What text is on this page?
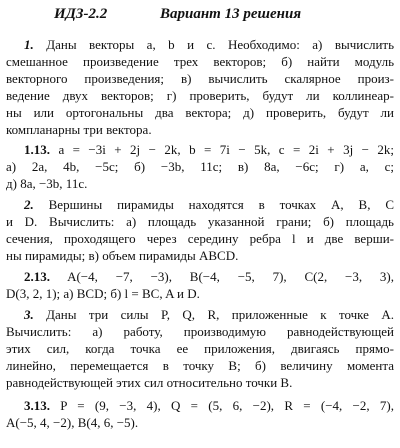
ИДЗ-2.2	Вариант 13 решения
1. Даны векторы a, b и c. Необходимо: а) вычислить
смешанное произведение трех векторов; б) найти модуль
векторного произведения; в) вычислить скалярное произ-
ведение двух векторов; г) проверить, будут ли коллинеар-
ны или ортогональны два вектора; д) проверить, будут ли
компланарны три вектора.
1.13. a = −3i + 2j − 2k, b = 7i − 5k, c = 2i + 3j − 2k;
а) 2a, 4b, −5c; б) −3b, 11c; в) 8a, −6c; г) a, c;
д) 8a, −3b, 11c.
2. Вершины пирамиды находятся в точках A, B, C
и D. Вычислить: а) площадь указанной грани; б) площадь
сечения, проходящего через середину ребра l и две верши-
ны пирамиды; в) объем пирамиды ABCD.
2.13. A(−4, −7, −3), B(−4, −5, 7), C(2, −3, 3),
D(3, 2, 1); а) BCD; б) l = BC, A и D.
3. Даны три силы P, Q, R, приложенные к точке A.
Вычислить: а) работу, производимую равнодействующей
этих сил, когда точка ее приложения, двигаясь прямо-
линейно, перемещается в точку B; б) величину момента
равнодействующей этих сил относительно точки B.
3.13. P = (9, −3, 4), Q = (5, 6, −2), R = (−4, −2, 7),
A(−5, 4, −2), B(4, 6, −5).
